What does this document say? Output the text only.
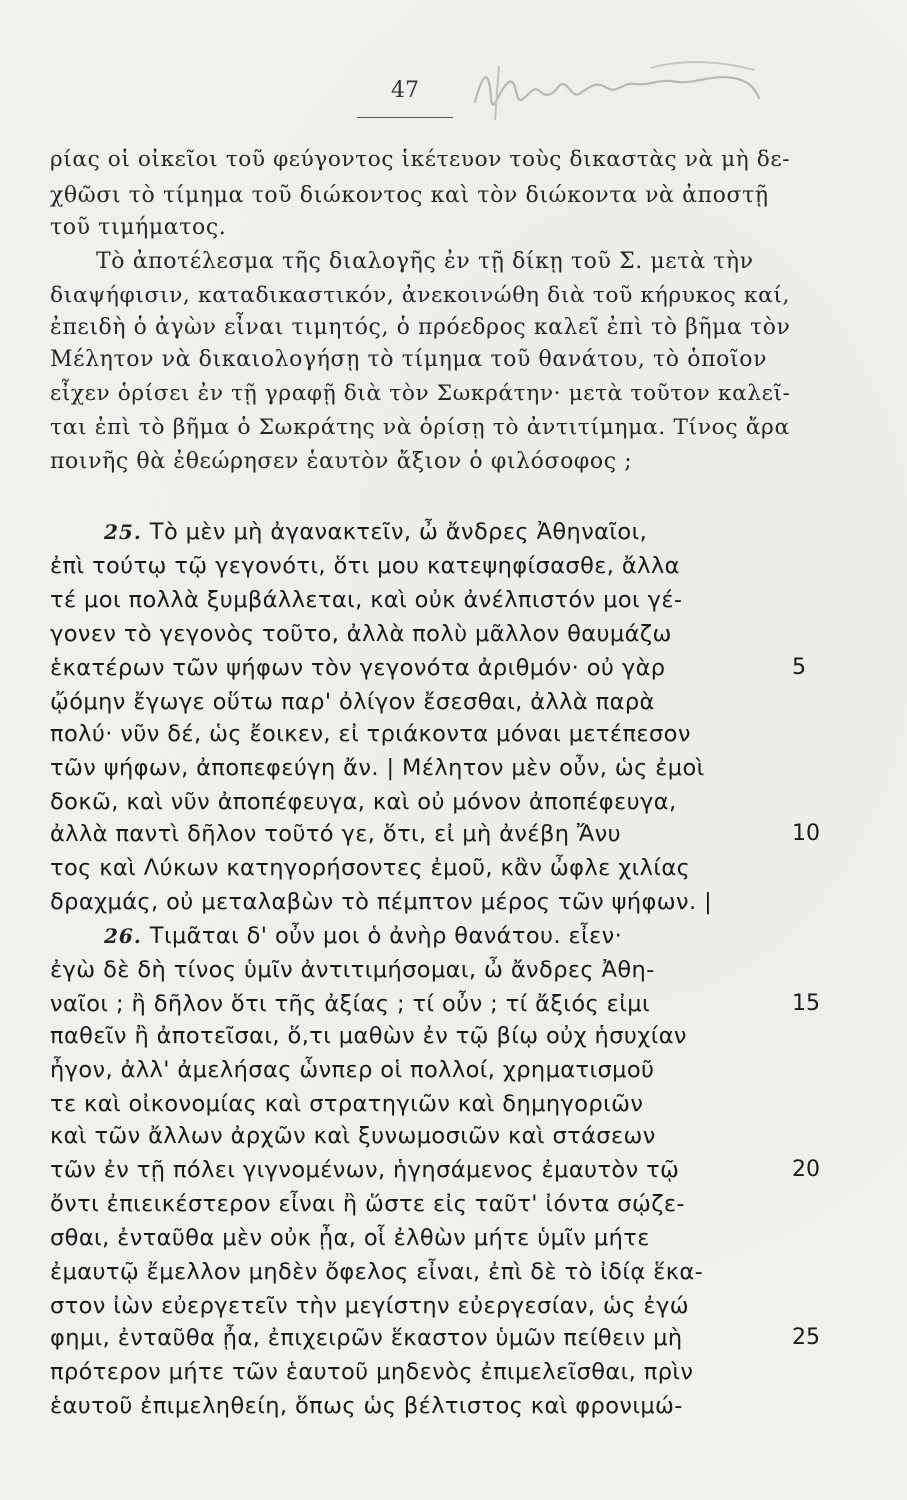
47
ρίας οἱ οἰκεῖοι τοῦ φεύγοντος ἱκέτευον τοὺς δικαστὰς νὰ μὴ δε-
χθῶσι τὸ τίμημα τοῦ διώκοντος καὶ τὸν διώκοντα νὰ ἀποστῇ
τοῦ τιμήματος.
Τὸ ἀποτέλεσμα τῆς διαλογῆς ἐν τῇ δίκῃ τοῦ Σ. μετὰ τὴν
διαψήφισιν, καταδικαστικόν, ἀνεκοινώθη διὰ τοῦ κήρυκος καί,
ἐπειδὴ ὁ ἀγὼν εἶναι τιμητός, ὁ πρόεδρος καλεῖ ἐπὶ τὸ βῆμα τὸν
Μέλητον νὰ δικαιολογήσῃ τὸ τίμημα τοῦ θανάτου, τὸ ὁποῖον
εἶχεν ὁρίσει ἐν τῇ γραφῇ διὰ τὸν Σωκράτην· μετὰ τοῦτον καλεῖ-
ται ἐπὶ τὸ βῆμα ὁ Σωκράτης νὰ ὁρίσῃ τὸ ἀντιτίμημα. Τίνος ἄρα
ποινῆς θὰ ἐθεώρησεν ἑαυτὸν ἄξιον ὁ φιλόσοφος ;
25. Τὸ μὲν μὴ ἀγανακτεῖν, ὦ ἄνδρες Ἀθηναῖοι,
ἐπὶ τούτῳ τῷ γεγονότι, ὅτι μου κατεψηφίσασθε, ἄλλα
τέ μοι πολλὰ ξυμβάλλεται, καὶ οὐκ ἀνέλπιστόν μοι γέ-
γονεν τὸ γεγονὸς τοῦτο, ἀλλὰ πολὺ μᾶλλον θαυμάζω
ἑκατέρων τῶν ψήφων τὸν γεγονότα ἀριθμόν· οὐ γὰρ	5
ᾤόμην ἔγωγε οὕτω παρ' ὀλίγον ἔσεσθαι, ἀλλὰ παρὰ
πολύ· νῦν δέ, ὡς ἔοικεν, εἰ τριάκοντα μόναι μετέπεσον
τῶν ψήφων, ἀποπεφεύγη ἄν. | Μέλητον μὲν οὖν, ὡς ἐμοὶ
δοκῶ, καὶ νῦν ἀποπέφευγα, καὶ οὐ μόνον ἀποπέφευγα,
ἀλλὰ παντὶ δῆλον τοῦτό γε, ὅτι, εἰ μὴ ἀνέβη Ἄνυ	10
τος καὶ Λύκων κατηγορήσοντες ἐμοῦ, κἂν ὦφλε χιλίας
δραχμάς, οὐ μεταλαβὼν τὸ πέμπτον μέρος τῶν ψήφων. |
26. Τιμᾶται δ' οὖν μοι ὁ ἀνὴρ θανάτου. εἶεν·
ἐγὼ δὲ δὴ τίνος ὑμῖν ἀντιτιμήσομαι, ὦ ἄνδρες Ἀθη-
ναῖοι ; ἢ δῆλον ὅτι τῆς ἀξίας ; τί οὖν ; τί ἄξιός εἰμι	15
παθεῖν ἢ ἀποτεῖσαι, ὅ,τι μαθὼν ἐν τῷ βίῳ οὐχ ἡσυχίαν
ἦγον, ἀλλ' ἀμελήσας ὧνπερ οἱ πολλοί, χρηματισμοῦ
τε καὶ οἰκονομίας καὶ στρατηγιῶν καὶ δημηγοριῶν
καὶ τῶν ἄλλων ἀρχῶν καὶ ξυνωμοσιῶν καὶ στάσεων
τῶν ἐν τῇ πόλει γιγνομένων, ἡγησάμενος ἐμαυτὸν τῷ	20
ὄντι ἐπιεικέστερον εἶναι ἢ ὥστε εἰς ταῦτ' ἰόντα σῴζε-
σθαι, ἐνταῦθα μὲν οὐκ ᾖα, οἷ ἐλθὼν μήτε ὑμῖν μήτε
ἐμαυτῷ ἔμελλον μηδὲν ὄφελος εἶναι, ἐπὶ δὲ τὸ ἰδίᾳ ἕκα-
στον ἰὼν εὐεργετεῖν τὴν μεγίστην εὐεργεσίαν, ὡς ἐγώ
φημι, ἐνταῦθα ᾖα, ἐπιχειρῶν ἕκαστον ὑμῶν πείθειν μὴ	25
πρότερον μήτε τῶν ἑαυτοῦ μηδενὸς ἐπιμελεῖσθαι, πρὶν
ἑαυτοῦ ἐπιμεληθείη, ὅπως ὡς βέλτιστος καὶ φρονιμώ-
